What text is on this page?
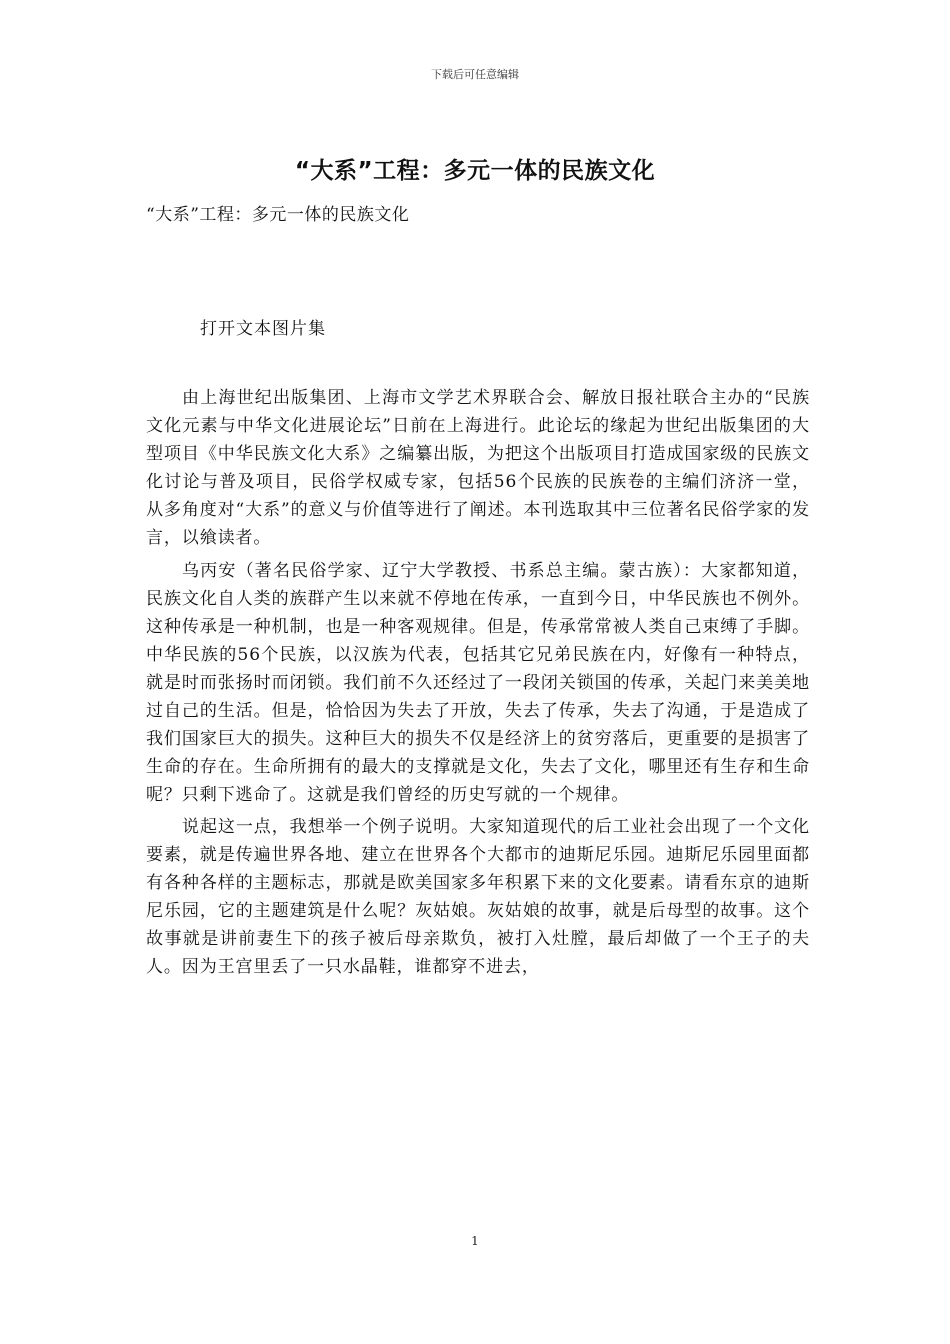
下载后可任意编辑
“大系”工程：多元一体的民族文化
“大系”工程：多元一体的民族文化
打开文本图片集

由上海世纪出版集团、上海市文学艺术界联合会、解放日报社联合主办的“民族文化元素与中华文化进展论坛”日前在上海进行。此论坛的缘起为世纪出版集团的大型项目《中华民族文化大系》之编纂出版，为把这个出版项目打造成国家级的民族文化讨论与普及项目，民俗学权威专家，包括56个民族的民族卷的主编们济济一堂，从多角度对“大系”的意义与价值等进行了阐述。本刊选取其中三位著名民俗学家的发言，以飨读者。

乌丙安（著名民俗学家、辽宁大学教授、书系总主编。蒙古族）：大家都知道，民族文化自人类的族群产生以来就不停地在传承，一直到今日，中华民族也不例外。这种传承是一种机制，也是一种客观规律。但是，传承常常被人类自己束缚了手脚。中华民族的56个民族，以汉族为代表，包括其它兄弟民族在内，好像有一种特点，就是时而张扬时而闭锁。我们前不久还经过了一段闭关锁国的传承，关起门来美美地过自己的生活。但是，恰恰因为失去了开放，失去了传承，失去了沟通，于是造成了我们国家巨大的损失。这种巨大的损失不仅是经济上的贫穷落后，更重要的是损害了生命的存在。生命所拥有的最大的支撑就是文化，失去了文化，哪里还有生存和生命呢？只剩下逃命了。这就是我们曾经的历史写就的一个规律。

说起这一点，我想举一个例子说明。大家知道现代的后工业社会出现了一个文化要素，就是传遍世界各地、建立在世界各个大都市的迪斯尼乐园。迪斯尼乐园里面都有各种各样的主题标志，那就是欧美国家多年积累下来的文化要素。请看东京的迪斯尼乐园，它的主题建筑是什么呢？灰姑娘。灰姑娘的故事，就是后母型的故事。这个故事就是讲前妻生下的孩子被后母亲欺负，被打入灶膛，最后却做了一个王子的夫人。因为王宫里丢了一只水晶鞋，谁都穿不进去，

1
